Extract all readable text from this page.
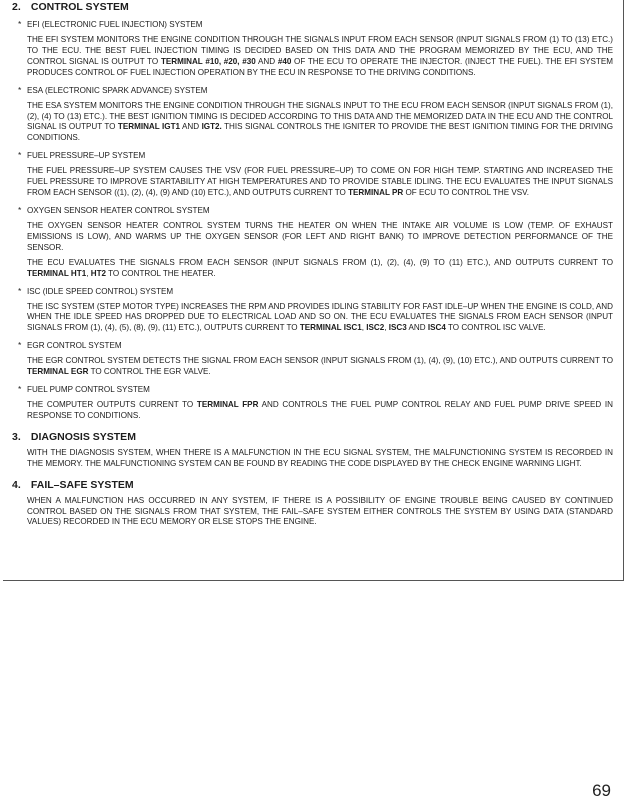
2. CONTROL SYSTEM
* EFI (ELECTRONIC FUEL INJECTION) SYSTEM
THE EFI SYSTEM MONITORS THE ENGINE CONDITION THROUGH THE SIGNALS INPUT FROM EACH SENSOR (INPUT SIGNALS FROM (1) TO (13) ETC.) TO THE ECU. THE BEST FUEL INJECTION TIMING IS DECIDED BASED ON THIS DATA AND THE PROGRAM MEMORIZED BY THE ECU, AND THE CONTROL SIGNAL IS OUTPUT TO TERMINAL #10, #20, #30 AND #40 OF THE ECU TO OPERATE THE INJECTOR. (INJECT THE FUEL). THE EFI SYSTEM PRODUCES CONTROL OF FUEL INJECTION OPERATION BY THE ECU IN RESPONSE TO THE DRIVING CONDITIONS.
* ESA (ELECTRONIC SPARK ADVANCE) SYSTEM
THE ESA SYSTEM MONITORS THE ENGINE CONDITION THROUGH THE SIGNALS INPUT TO THE ECU FROM EACH SENSOR (INPUT SIGNALS FROM (1), (2), (4) TO (13) ETC.). THE BEST IGNITION TIMING IS DECIDED ACCORDING TO THIS DATA AND THE MEMORIZED DATA IN THE ECU AND THE CONTROL SIGNAL IS OUTPUT TO TERMINAL IGT1 AND IGT2. THIS SIGNAL CONTROLS THE IGNITER TO PROVIDE THE BEST IGNITION TIMING FOR THE DRIVING CONDITIONS.
* FUEL PRESSURE–UP SYSTEM
THE FUEL PRESSURE–UP SYSTEM CAUSES THE VSV (FOR FUEL PRESSURE–UP) TO COME ON FOR HIGH TEMP. STARTING AND INCREASED THE FUEL PRESSURE TO IMPROVE STARTABILITY AT HIGH TEMPERATURES AND TO PROVIDE STABLE IDLING. THE ECU EVALUATES THE INPUT SIGNALS FROM EACH SENSOR ((1), (2), (4), (9) AND (10) ETC.), AND OUTPUTS CURRENT TO TERMINAL PR OF ECU TO CONTROL THE VSV.
* OXYGEN SENSOR HEATER CONTROL SYSTEM
THE OXYGEN SENSOR HEATER CONTROL SYSTEM TURNS THE HEATER ON WHEN THE INTAKE AIR VOLUME IS LOW (TEMP. OF EXHAUST EMISSIONS IS LOW), AND WARMS UP THE OXYGEN SENSOR (FOR LEFT AND RIGHT BANK) TO IMPROVE DETECTION PERFORMANCE OF THE SENSOR.
THE ECU EVALUATES THE SIGNALS FROM EACH SENSOR (INPUT SIGNALS FROM (1), (2), (4), (9) TO (11) ETC.), AND OUTPUTS CURRENT TO TERMINAL HT1, HT2 TO CONTROL THE HEATER.
* ISC (IDLE SPEED CONTROL) SYSTEM
THE ISC SYSTEM (STEP MOTOR TYPE) INCREASES THE RPM AND PROVIDES IDLING STABILITY FOR FAST IDLE–UP WHEN THE ENGINE IS COLD, AND WHEN THE IDLE SPEED HAS DROPPED DUE TO ELECTRICAL LOAD AND SO ON. THE ECU EVALUATES THE SIGNALS FROM EACH SENSOR (INPUT SIGNALS FROM (1), (4), (5), (8), (9), (11) ETC.), OUTPUTS CURRENT TO TERMINAL ISC1, ISC2, ISC3 AND ISC4 TO CONTROL ISC VALVE.
* EGR CONTROL SYSTEM
THE EGR CONTROL SYSTEM DETECTS THE SIGNAL FROM EACH SENSOR (INPUT SIGNALS FROM (1), (4), (9), (10) ETC.), AND OUTPUTS CURRENT TO TERMINAL EGR TO CONTROL THE EGR VALVE.
* FUEL PUMP CONTROL SYSTEM
THE COMPUTER OUTPUTS CURRENT TO TERMINAL FPR AND CONTROLS THE FUEL PUMP CONTROL RELAY AND FUEL PUMP DRIVE SPEED IN RESPONSE TO CONDITIONS.
3. DIAGNOSIS SYSTEM
WITH THE DIAGNOSIS SYSTEM, WHEN THERE IS A MALFUNCTION IN THE ECU SIGNAL SYSTEM, THE MALFUNCTIONING SYSTEM IS RECORDED IN THE MEMORY. THE MALFUNCTIONING SYSTEM CAN BE FOUND BY READING THE CODE DISPLAYED BY THE CHECK ENGINE WARNING LIGHT.
4. FAIL–SAFE SYSTEM
WHEN A MALFUNCTION HAS OCCURRED IN ANY SYSTEM, IF THERE IS A POSSIBILITY OF ENGINE TROUBLE BEING CAUSED BY CONTINUED CONTROL BASED ON THE SIGNALS FROM THAT SYSTEM, THE FAIL–SAFE SYSTEM EITHER CONTROLS THE SYSTEM BY USING DATA (STANDARD VALUES) RECORDED IN THE ECU MEMORY OR ELSE STOPS THE ENGINE.
69
